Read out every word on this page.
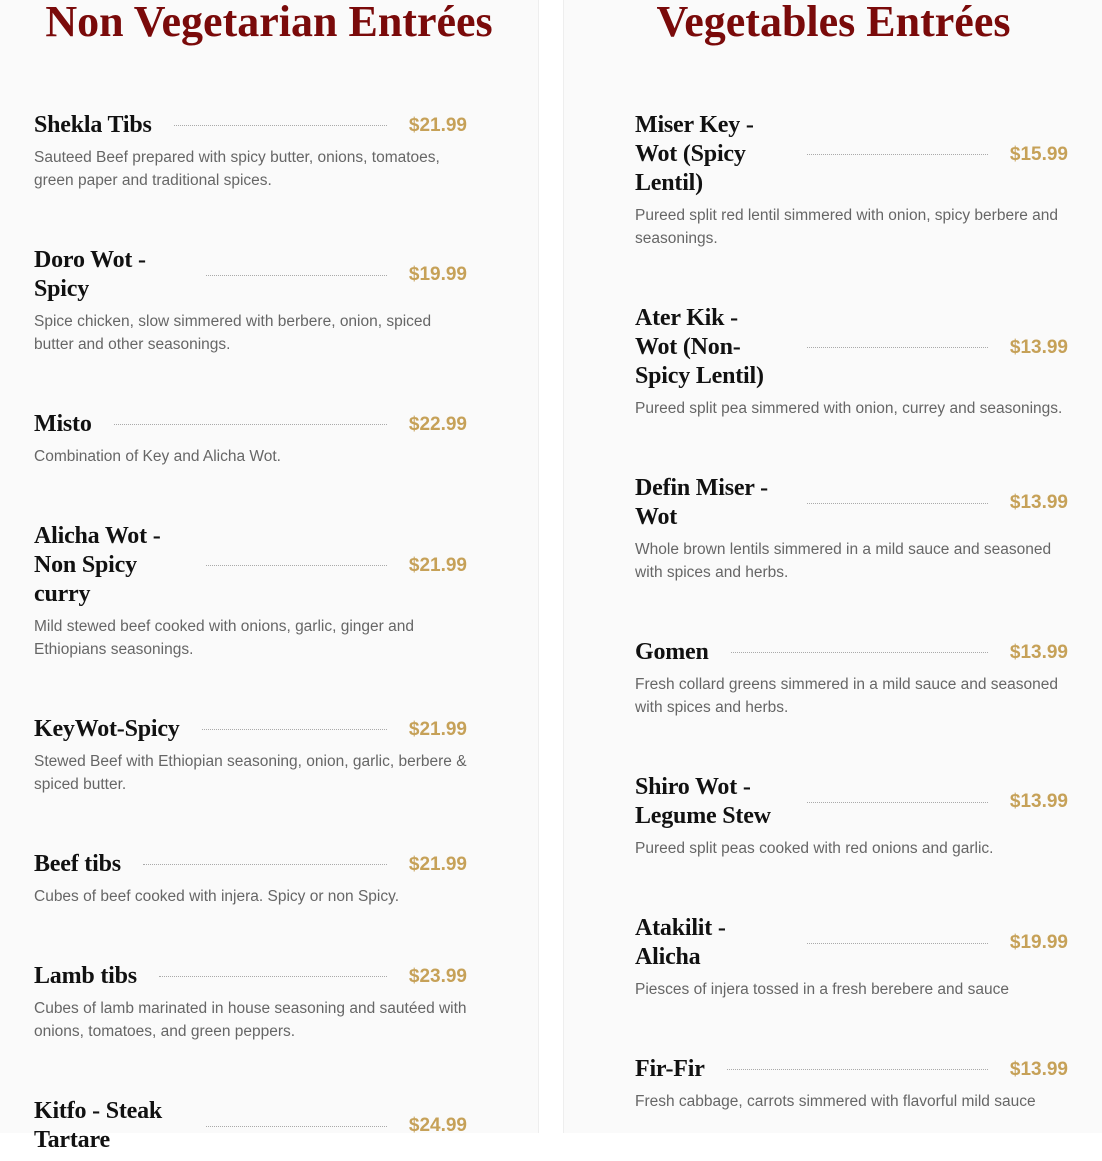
Non Vegetarian Entrées
Shekla Tibs	$21.99
Sauteed Beef prepared with spicy butter, onions, tomatoes, green paper and traditional spices.
Doro Wot - Spicy
$19.99
Spice chicken, slow simmered with berbere, onion, spiced butter and other seasonings.
Misto	$22.99
Combination of Key and Alicha Wot.
Alicha Wot - Non Spicy curry
$21.99
Mild stewed beef cooked with onions, garlic, ginger and Ethiopians seasonings.
KeyWot-Spicy	$21.99
Stewed Beef with Ethiopian seasoning, onion, garlic, berbere & spiced butter.
Beef tibs	$21.99
Cubes of beef cooked with injera. Spicy or non Spicy.
Lamb tibs	$23.99
Cubes of lamb marinated in house seasoning and sautéed with onions, tomatoes, and green peppers.
Kitfo - Steak Tartare
$24.99
Vegetables Entrées
Miser Key - Wot (Spicy Lentil)
$15.99
Pureed split red lentil simmered with onion, spicy berbere and seasonings.
Ater Kik - Wot (Non-Spicy Lentil)
$13.99
Pureed split pea simmered with onion, currey and seasonings.
Defin Miser - Wot
$13.99
Whole brown lentils simmered in a mild sauce and seasoned with spices and herbs.
Gomen	$13.99
Fresh collard greens simmered in a mild sauce and seasoned with spices and herbs.
Shiro Wot - Legume Stew
$13.99
Pureed split peas cooked with red onions and garlic.
Atakilit - Alicha
$19.99
Piesces of injera tossed in a fresh berebere and sauce
Fir-Fir	$13.99
Fresh cabbage, carrots simmered with flavorful mild sauce
